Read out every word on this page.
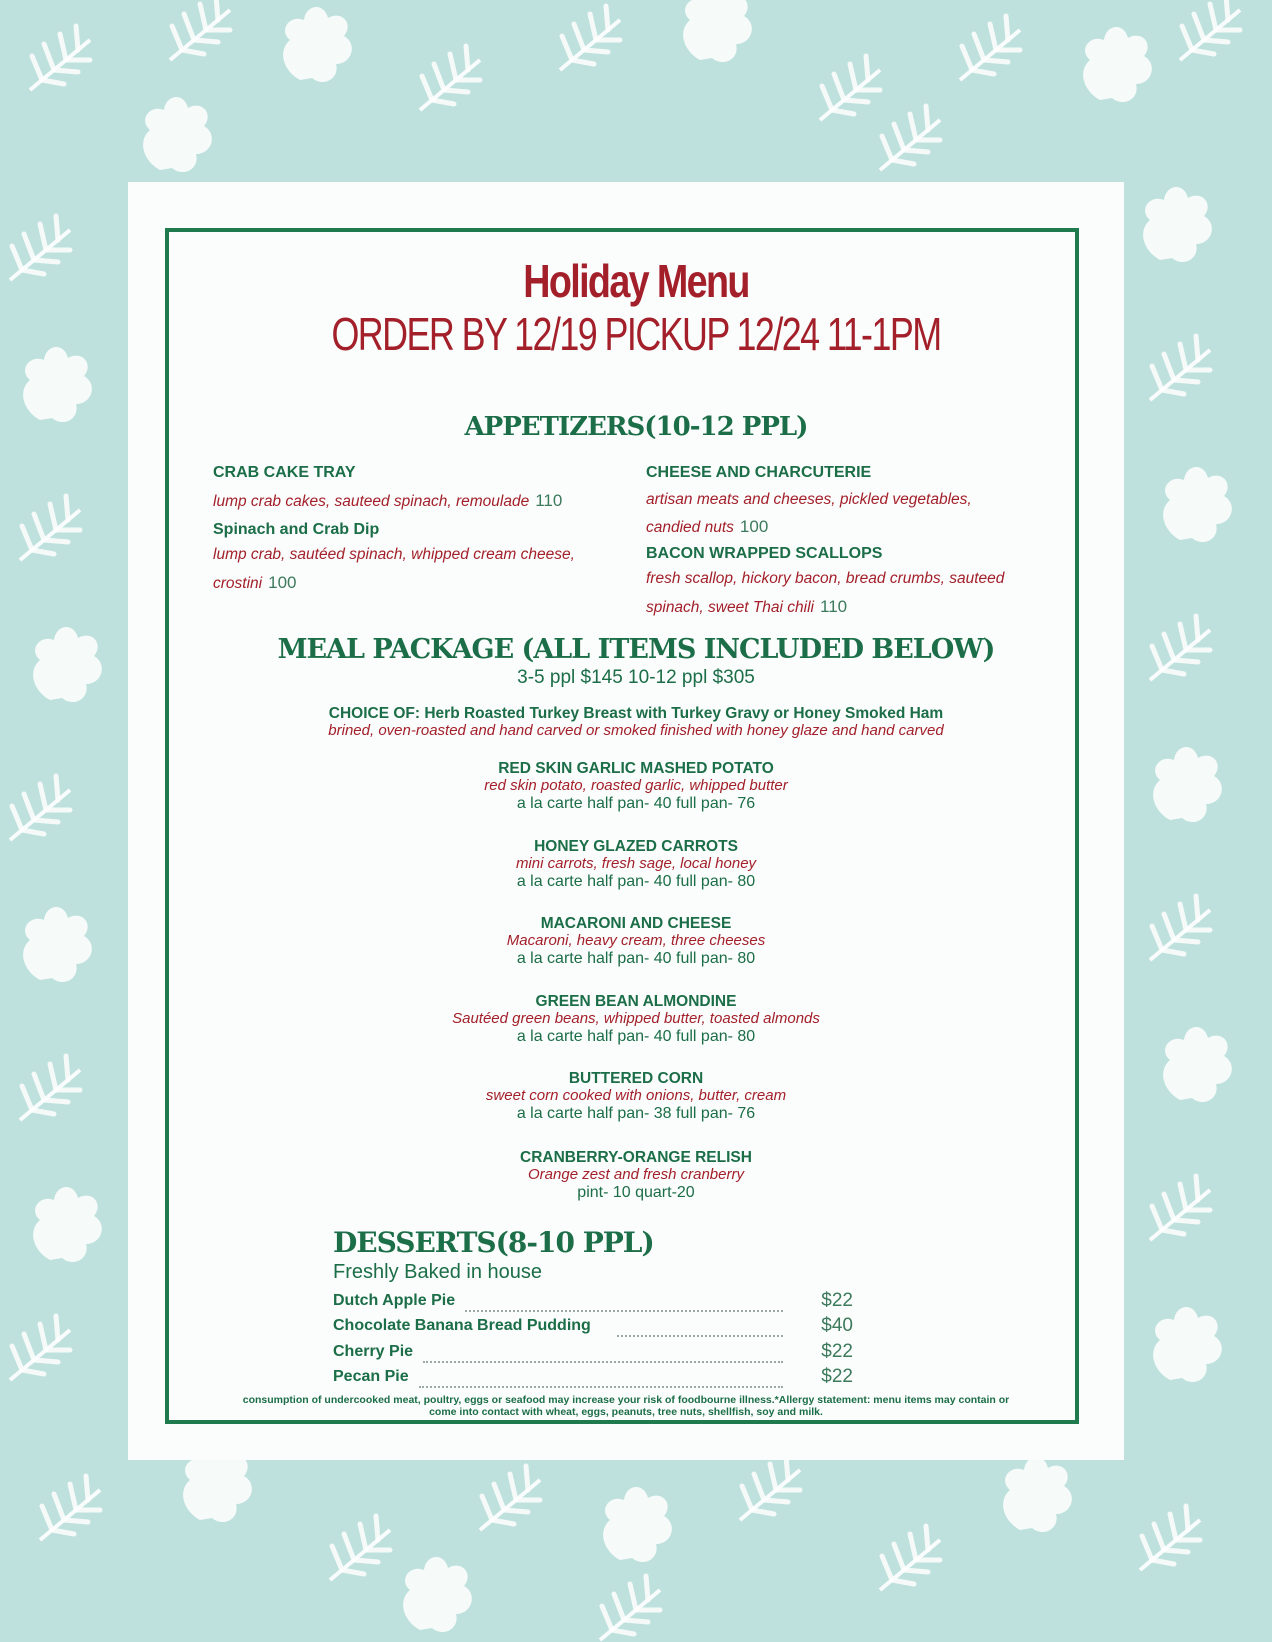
Holiday Menu
ORDER BY 12/19 PICKUP 12/24 11-1PM
APPETIZERS(10-12 PPL)

CRAB CAKE TRAY

lump crab cakes, sauteed spinach, remoulade 110

Spinach and Crab Dip

lump crab, sautéed spinach, whipped cream cheese, crostini 100

CHEESE AND CHARCUTERIE

artisan meats and cheeses, pickled vegetables, candied nuts 100

BACON WRAPPED SCALLOPS

fresh scallop, hickory bacon, bread crumbs, sauteed spinach, sweet Thai chili 110

MEAL PACKAGE (ALL ITEMS INCLUDED BELOW)
3-5 ppl $145 10-12 ppl $305
CHOICE OF: Herb Roasted Turkey Breast with Turkey Gravy or Honey Smoked Ham
brined, oven-roasted and hand carved or smoked finished with honey glaze and hand carved
RED SKIN GARLIC MASHED POTATO
red skin potato, roasted garlic, whipped butter
a la carte half pan- 40 full pan- 76
HONEY GLAZED CARROTS
mini carrots, fresh sage, local honey
a la carte half pan- 40 full pan- 80
MACARONI AND CHEESE
Macaroni, heavy cream, three cheeses
a la carte half pan- 40 full pan- 80
GREEN BEAN ALMONDINE
Sautéed green beans, whipped butter, toasted almonds
a la carte half pan- 40 full pan- 80
BUTTERED CORN
sweet corn cooked with onions, butter, cream
a la carte half pan- 38 full pan- 76
CRANBERRY-ORANGE RELISH
Orange zest and fresh cranberry
pint- 10 quart-20
DESSERTS(8-10 PPL)
Freshly Baked in house
Dutch Apple Pie	$22
Chocolate Banana Bread Pudding	$40
Cherry Pie	$22
Pecan Pie	$22
consumption of undercooked meat, poultry, eggs or seafood may increase your risk of foodbourne illness.*Allergy statement: menu items may contain or come into contact with wheat, eggs, peanuts, tree nuts, shellfish, soy and milk.
